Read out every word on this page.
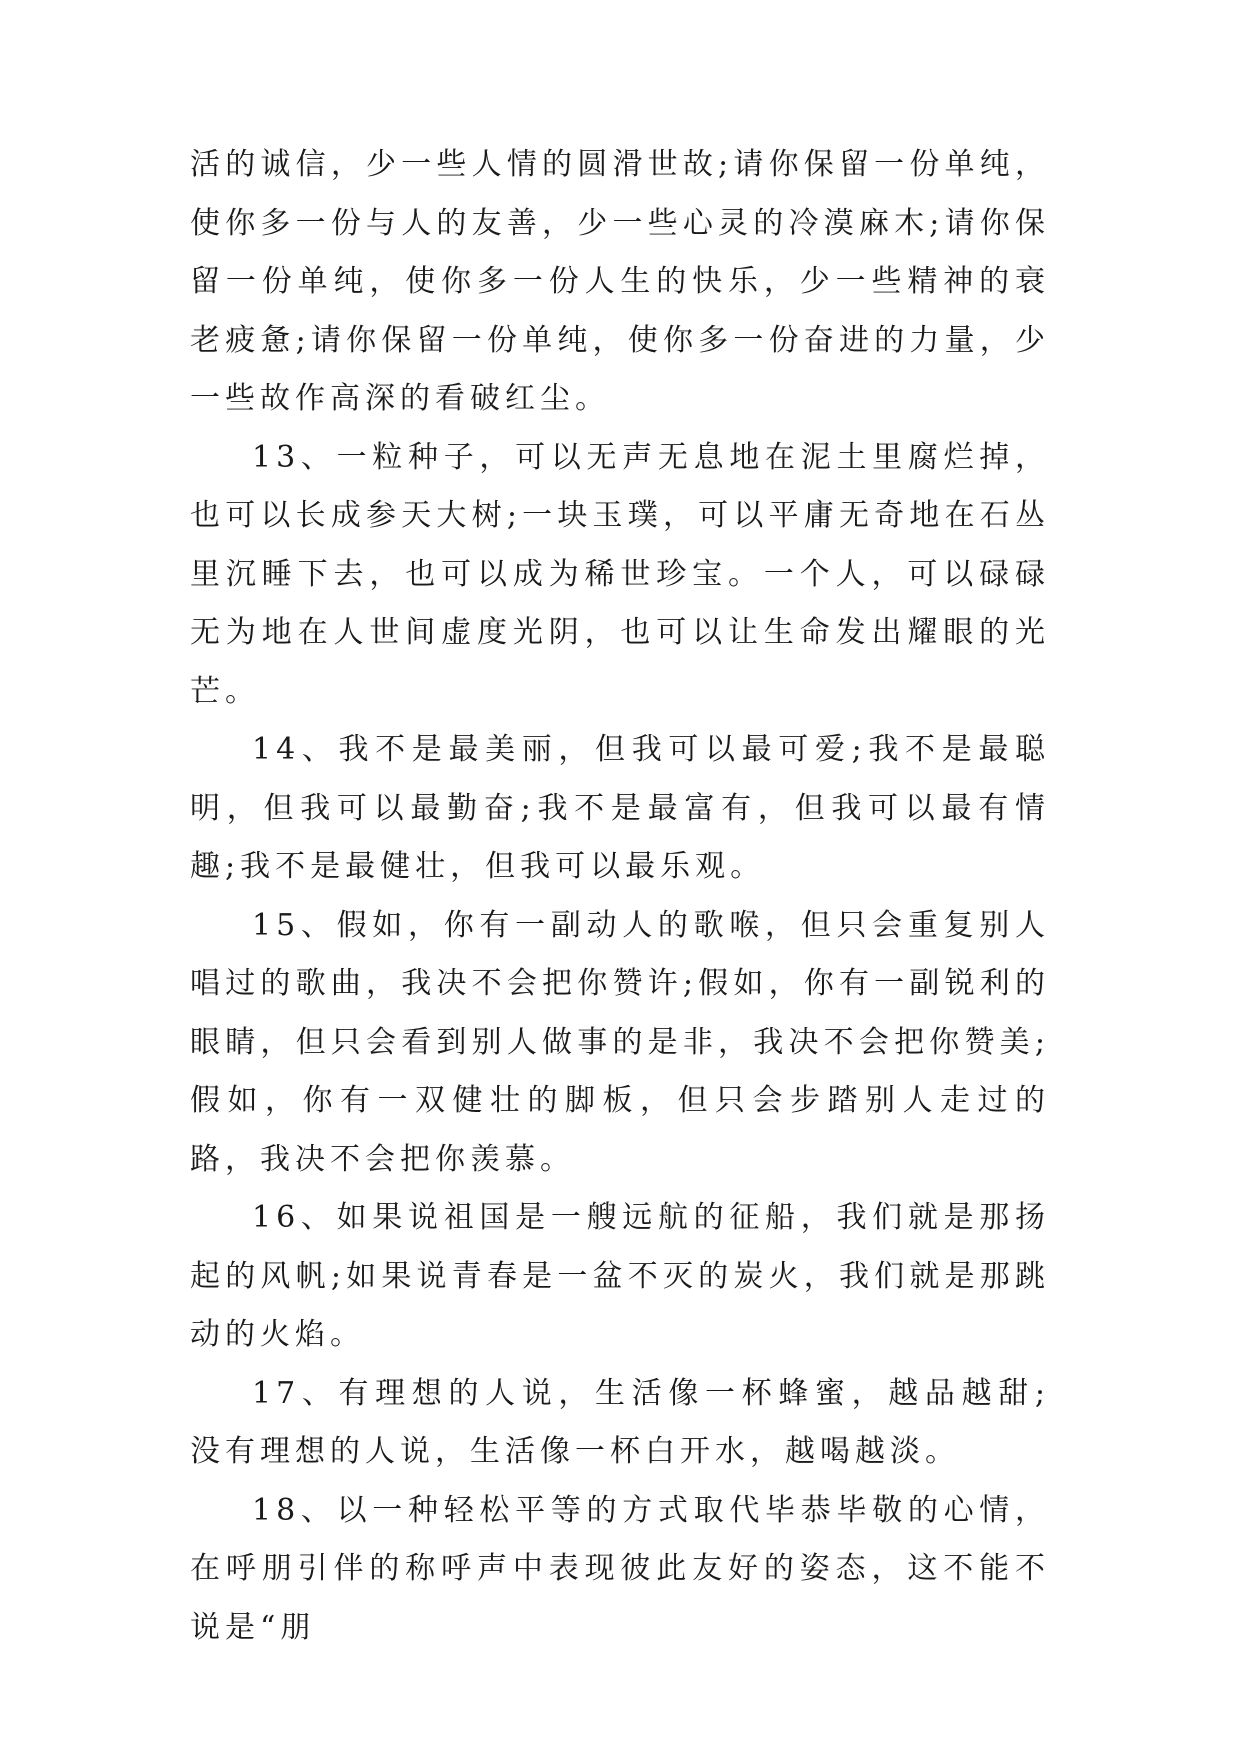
活的诚信，少一些人情的圆滑世故;请你保留一份单纯，使你多一份与人的友善，少一些心灵的冷漠麻木;请你保留一份单纯，使你多一份人生的快乐，少一些精神的衰老疲惫;请你保留一份单纯，使你多一份奋进的力量，少一些故作高深的看破红尘。

13、一粒种子，可以无声无息地在泥土里腐烂掉，也可以长成参天大树;一块玉璞，可以平庸无奇地在石丛里沉睡下去，也可以成为稀世珍宝。一个人，可以碌碌无为地在人世间虚度光阴，也可以让生命发出耀眼的光芒。

14、我不是最美丽，但我可以最可爱;我不是最聪明，但我可以最勤奋;我不是最富有，但我可以最有情趣;我不是最健壮，但我可以最乐观。

15、假如，你有一副动人的歌喉，但只会重复别人唱过的歌曲，我决不会把你赞许;假如，你有一副锐利的眼睛，但只会看到别人做事的是非，我决不会把你赞美;假如，你有一双健壮的脚板，但只会步踏别人走过的路，我决不会把你羡慕。

16、如果说祖国是一艘远航的征船，我们就是那扬起的风帆;如果说青春是一盆不灭的炭火，我们就是那跳动的火焰。

17、有理想的人说，生活像一杯蜂蜜，越品越甜;没有理想的人说，生活像一杯白开水，越喝越淡。

18、以一种轻松平等的方式取代毕恭毕敬的心情，在呼朋引伴的称呼声中表现彼此友好的姿态，这不能不说是“朋
